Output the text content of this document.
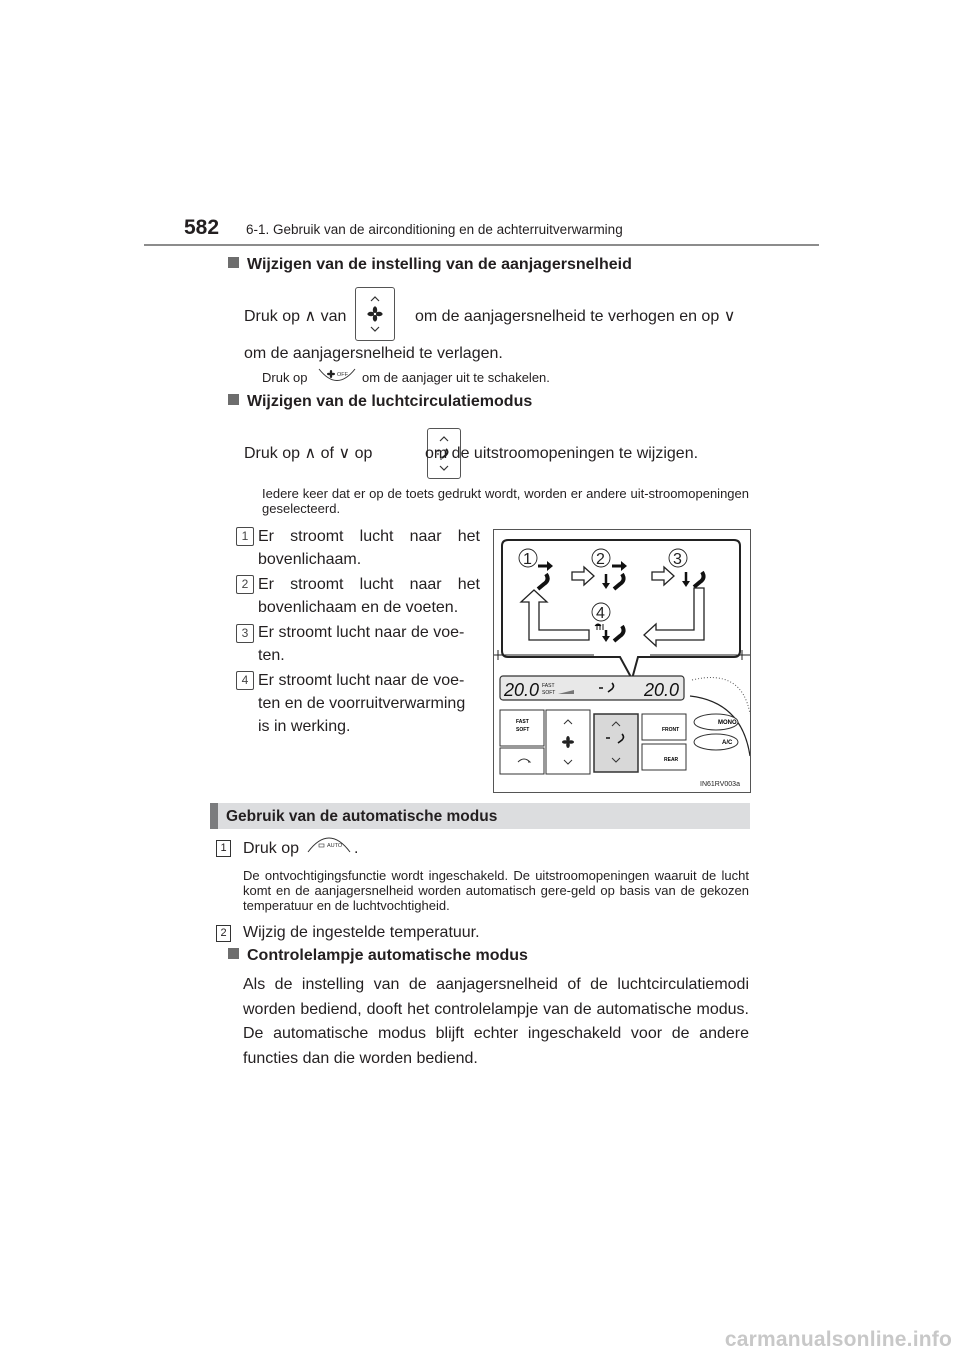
582 6-1. Gebruik van de airconditioning en de achterruitverwarming
Wijzigen van de instelling van de aanjagersnelheid
Druk op ∧ van
	om de aanjagersnelheid te verhogen en op ∨
om de aanjagersnelheid te verlagen.
Druk op	OFF om de aanjager uit te schakelen.
Wijzigen van de luchtcirculatiemodus
Druk op ∧ of ∨ op	om de uitstroomopeningen te wijzigen.
Iedere keer dat er op de toets gedrukt wordt, worden er andere uit-stroomopeningen geselecteerd.
1 Er stroomt lucht naar het bovenlichaam.
2 Er stroomt lucht naar het bovenlichaam en de voeten.
3 Er stroomt lucht naar de voe-ten.
4 Er stroomt lucht naar de voe-ten en de voorruitverwarming is in werking.
1	2	3
4
20.0 FAST
SOFT	20.0
FAST
SOFT	FRONT
REAR
MONO
A/C
IN61RV003a
Gebruik van de automatische modus
1 Druk op	AUTO .
De ontvochtigingsfunctie wordt ingeschakeld. De uitstroomopeningen waaruit de lucht komt en de aanjagersnelheid worden automatisch gere-geld op basis van de gekozen temperatuur en de luchtvochtigheid.
2 Wijzig de ingestelde temperatuur.
Controlelampje automatische modus
Als de instelling van de aanjagersnelheid of de luchtcirculatiemodi worden bediend, dooft het controlelampje van de automatische modus. De automatische modus blijft echter ingeschakeld voor de andere functies dan die worden bediend.
carmanualsonline.info
